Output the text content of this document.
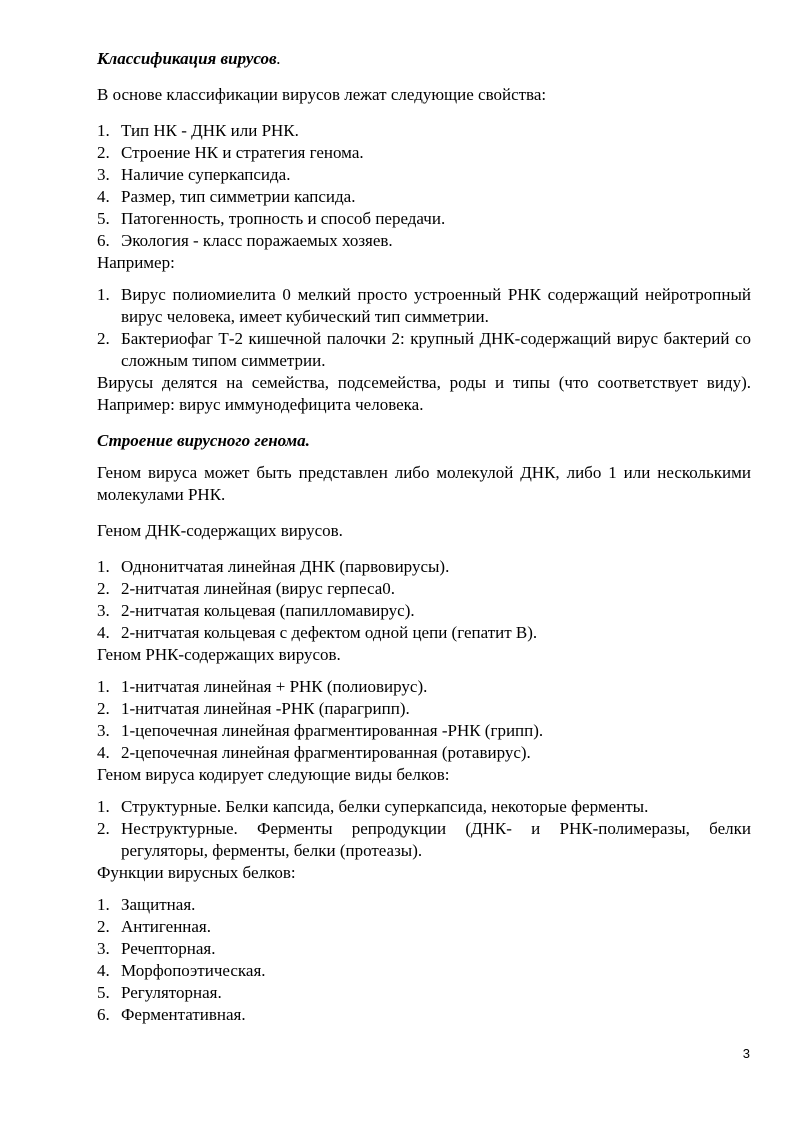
Классификация вирусов.
В основе классификации вирусов лежат следующие свойства:
1. Тип НК - ДНК или РНК.
2. Строение НК и стратегия генома.
3. Наличие суперкапсида.
4. Размер, тип симметрии капсида.
5. Патогенность, тропность и способ передачи.
6. Экология - класс поражаемых хозяев.
Например:
1. Вирус полиомиелита 0 мелкий просто устроенный РНК содержащий нейротропный вирус человека, имеет кубический тип симметрии.
2. Бактериофаг Т-2 кишечной палочки 2: крупный ДНК-содержащий вирус бактерий со сложным типом симметрии.
Вирусы делятся на семейства, подсемейства, роды и типы (что соответствует виду). Например: вирус иммунодефицита человека.
Строение вирусного генома.
Геном вируса может быть представлен либо молекулой ДНК, либо 1 или несколькими молекулами РНК.
Геном ДНК-содержащих вирусов.
1. Однонитчатая линейная ДНК (парвовирусы).
2. 2-нитчатая линейная (вирус герпеса0.
3. 2-нитчатая кольцевая (папилломавирус).
4. 2-нитчатая кольцевая с дефектом одной цепи (гепатит В).
Геном РНК-содержащих вирусов.
1. 1-нитчатая линейная + РНК (полиовирус).
2. 1-нитчатая линейная -РНК (парагрипп).
3. 1-цепочечная линейная фрагментированная -РНК (грипп).
4. 2-цепочечная линейная фрагментированная (ротавирус).
Геном вируса кодирует следующие виды белков:
1. Структурные. Белки капсида, белки суперкапсида, некоторые ферменты.
2. Неструктурные. Ферменты репродукции (ДНК- и РНК-полимеразы, белки регуляторы, ферменты, белки (протеазы).
Функции вирусных белков:
1. Защитная.
2. Антигенная.
3. Речепторная.
4. Морфопоэтическая.
5. Регуляторная.
6. Ферментативная.
3
